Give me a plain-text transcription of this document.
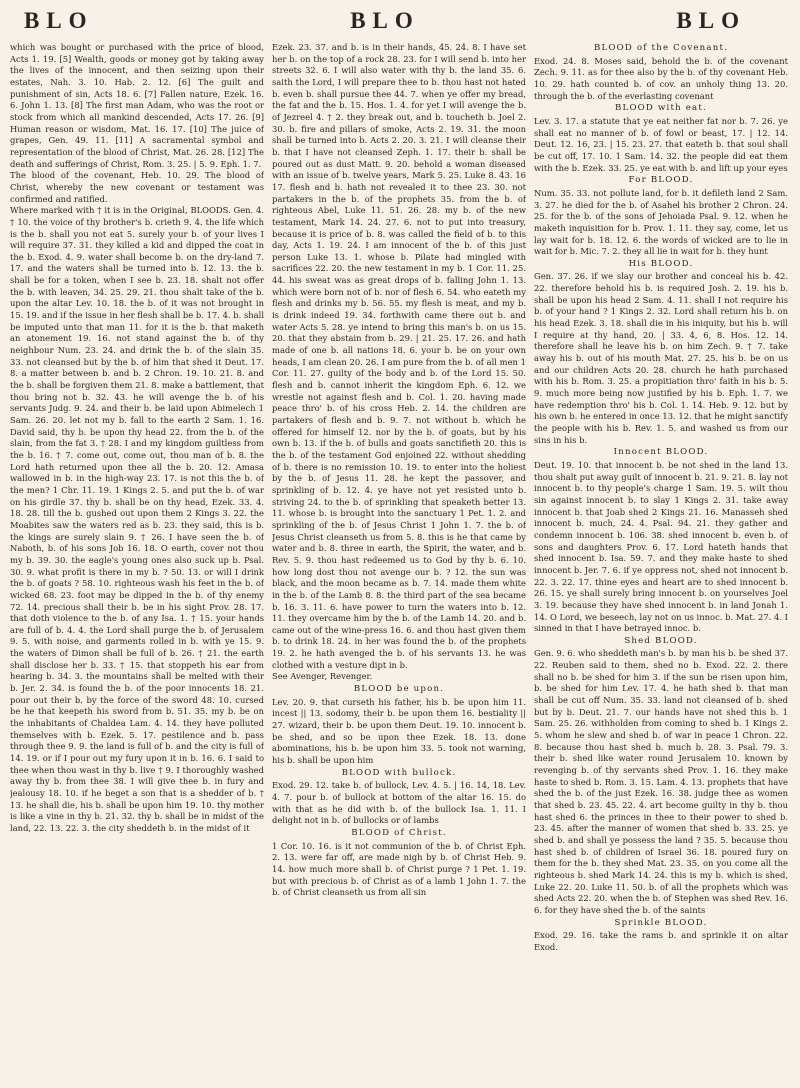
BLO	BLO	BLO

which was bought or purchased with the price of blood, Acts 1. 19. [5] Wealth, goods or money got by taking away the lives of the innocent, and then seizing upon their estates, Nah. 3. 10. Hab. 2. 12. [6] The guilt and punishment of sin, Acts 18. 6. [7] Fallen nature, Ezek. 16. 6. John 1. 13. [8] The first man Adam, who was the root or stock from which all mankind descended, Acts 17. 26. [9] Human reason or wisdom, Mat. 16. 17. [10] The juice of grapes, Gen. 49. 11. [11] A sacramental symbol and representation of the blood of Christ, Mat. 26. 28. [12] The death and sufferings of Christ, Rom. 3. 25. | 5. 9. Eph. 1. 7.

The blood of the covenant, Heb. 10. 29. The blood of Christ, whereby the new covenant or testament was confirmed and ratified.

Where marked with † it is in the Original, BLOODS. Gen. 4. † 10. the voice of thy brother's b. crieth 9. 4. the life which is the b. shall you not eat 5. surely your b. of your lives I will require 37. 31. they killed a kid and dipped the coat in the b. Exod. 4. 9. water shall become b. on the dry-land 7. 17. and the waters shall be turned into b. 12. 13. the b. shall be for a token, when I see b. 23. 18. shalt not offer the b. with leaven, 34. 25. 29. 21. thou shalt take of the b. upon the altar Lev. 10. 18. the b. of it was not brought in 15. 19. and if the issue in her flesh shall be b. 17. 4. b. shall be imputed unto that man 11. for it is the b. that maketh an atonement 19. 16. not stand against the b. of thy neighbour Num. 23. 24. and drink the b. of the slain 35. 33. not cleansed but by the b. of him that shed it Deut. 17. 8. a matter between b. and b. 2 Chron. 19. 10. 21. 8. and the b. shall be forgiven them 21. 8. make a battlement, that thou bring not b. 32. 43. he will avenge the b. of his servants Judg. 9. 24. and their b. be laid upon Abimelech 1 Sam. 26. 20. let not my b. fall to the earth 2 Sam. 1. 16. David said, thy b. be upon thy head 22. from the b. of the slain, from the fat 3. † 28. I and my kingdom guiltless from the b. 16. † 7. come out, come out, thou man of b. 8. the Lord hath returned upon thee all the b. 20. 12. Amasa wallowed in b. in the high-way 23. 17. is not this the b. of the men? 1 Chr. 11. 19. 1 Kings 2. 5. and put the b. of war on his girdle 37. thy b. shall be on thy head, Ezek. 33. 4. 18. 28. till the b. gushed out upon them 2 Kings 3. 22. the Moabites saw the waters red as b. 23. they said, this is b. the kings are surely slain 9. † 26. I have seen the b. of Naboth, b. of his sons Job 16. 18. O earth, cover not thou my b. 39. 30. the eagle's young ones also suck up b. Psal. 30. 9. what profit is there in my b. ? 50. 13. or will I drink the b. of goats ? 58. 10. righteous wash his feet in the b. of wicked 68. 23. foot may be dipped in the b. of thy enemy 72. 14. precious shall their b. be in his sight Prov. 28. 17. that doth violence to the b. of any Isa. 1. † 15. your hands are full of b. 4. 4. the Lord shall purge the b. of Jerusalem 9. 5. with noise, and garments rolled in b. with ye 15. 9. the waters of Dimon shall be full of b. 26. † 21. the earth shall disclose her b. 33. † 15. that stoppeth his ear from hearing b. 34. 3. the mountains shall be melted with their b. Jer. 2. 34. is found the b. of the poor innocents 18. 21. pour out their b. by the force of the sword 48. 10. cursed be he that keepeth his sword from b. 51. 35. my b. be on the inhabitants of Chaldea Lam. 4. 14. they have polluted themselves with b. Ezek. 5. 17. pestilence and b. pass through thee 9. 9. the land is full of b. and the city is full of 14. 19. or if I pour out my fury upon it in b. 16. 6. I said to thee when thou wast in thy b. live † 9. I thoroughly washed away thy b. from thee 38. I will give thee b. in fury and jealousy 18. 10. if he beget a son that is a shedder of b. † 13. he shall die, his b. shall be upon him 19. 10. thy mother is like a vine in thy b. 21. 32. thy b. shall be in midst of the land, 22. 13. 22. 3. the city sheddeth b. in the midst of it

Ezek. 23. 37. and b. is in their hands, 45. 24. 8. I have set her b. on the top of a rock 28. 23. for I will send b. into her streets 32. 6. I will also water with thy b. the land 35. 6. saith the Lord, I will prepare thee to b. thou hast not hated b. even b. shall pursue thee 44. 7. when ye offer my bread, the fat and the b. 15. Hos. 1. 4. for yet I will avenge the b. of Jezreel 4. † 2. they break out, and b. toucheth b. Joel 2. 30. b. fire and pillars of smoke, Acts 2. 19. 31. the moon shall be turned into b. Acts 2. 20. 3. 21. I will cleanse their b. that I have not cleansed Zeph. 1. 17. their b. shall be poured out as dust Matt. 9. 20. behold a woman diseased with an issue of b. twelve years, Mark 5. 25. Luke 8. 43. 16 17. flesh and b. hath not revealed it to thee 23. 30. not partakers in the b. of the prophets 35. from the b. of righteous Abel, Luke 11. 51. 26. 28. my b. of the new testament, Mark 14. 24. 27. 6. not to put into treasury, because it is price of b. 8. was called the field of b. to this day, Acts 1. 19. 24. I am innocent of the b. of this just person Luke 13. 1. whose b. Pilate had mingled with sacrifices 22. 20. the new testament in my b. 1 Cor. 11. 25. 44. his sweat was as great drops of b. falling John 1. 13. which were born not of b. nor of flesh 6. 54. who eateth my flesh and drinks my b. 56. 55. my flesh is meat, and my b. is drink indeed 19. 34. forthwith came there out b. and water Acts 5. 28. ye intend to bring this man's b. on us 15. 20. that they abstain from b. 29. | 21. 25. 17. 26. and hath made of one b. all nations 18. 6. your b. be on your own heads, I am clean 20. 26. I am pure from the b. of all men 1 Cor. 11. 27. guilty of the body and b. of the Lord 15. 50. flesh and b. cannot inherit the kingdom Eph. 6. 12. we wrestle not against flesh and b. Col. 1. 20. having made peace thro' b. of his cross Heb. 2. 14. the children are partakers of flesh and b. 9. 7. not without b. which he offered for himself 12. nor by the b. of goats, but by his own b. 13. if the b. of bulls and goats sanctifieth 20. this is the b. of the testament God enjoined 22. without shedding of b. there is no remission 10. 19. to enter into the holiest by the b. of Jesus 11. 28. he kept the passover, and sprinkling of b. 12. 4. ye have not yet resisted unto b. striving 24. to the b. of sprinkling that speaketh better 13. 11. whose b. is brought into the sanctuary 1 Pet. 1. 2. and sprinkling of the b. of Jesus Christ 1 John 1. 7. the b. of Jesus Christ cleanseth us from 5. 8. this is he that came by water and b. 8. three in earth, the Spirit, the water, and b. Rev. 5. 9. thou hast redeemed us to God by thy b. 6. 10. how long dost thou not avenge our b. ? 12. the sun was black, and the moon became as b. 7. 14. made them white in the b. of the Lamb 8. 8. the third part of the sea became b. 16. 3. 11. 6. have power to turn the waters into b. 12. 11. they overcame him by the b. of the Lamb 14. 20. and b. came out of the wine-press 16. 6. and thou hast given them b. to drink 18. 24. in her was found the b. of the prophets 19. 2. he hath avenged the b. of his servants 13. he was clothed with a vesture dipt in b.

See Avenger, Revenger.

BLOOD be upon.

Lev. 20. 9. that curseth his father, his b. be upon him 11. incest || 13. sodomy, their b. be upon them 16. bestiality || 27. wizard, their b. be upon them Deut. 19. 10. innocent b. be shed, and so be upon thee Ezek. 18. 13. done abominations, his b. be upon him 33. 5. took not warning, his b. shall be upon him

BLOOD with bullock.

Exod. 29. 12. take b. of bullock, Lev. 4. 5. | 16. 14, 18. Lev. 4. 7. pour b. of bullock at bottom of the altar 16. 15. do with that as he did with b. of the bullock Isa. 1. 11. I delight not in b. of bullocks or of lambs

BLOOD of Christ.

1 Cor. 10. 16. is it not communion of the b. of Christ Eph. 2. 13. were far off, are made nigh by b. of Christ Heb. 9. 14. how much more shall b. of Christ purge ? 1 Pet. 1. 19. but with precious b. of Christ as of a lamb 1 John 1. 7. the b. of Christ cleanseth us from all sin

BLOOD of the Covenant.

Exod. 24. 8. Moses said, behold the b. of the covenant Zech. 9. 11. as for thee also by the b. of thy covenant Heb. 10. 29. hath counted b. of cov. an unholy thing 13. 20. through the b. of the everlasting covenant

BLOOD with eat.

Lev. 3. 17. a statute that ye eat neither fat nor b. 7. 26. ye shall eat no manner of b. of fowl or beast, 17. | 12. 14. Deut. 12. 16, 23. | 15. 23. 27. that eateth b. that soul shall be cut off, 17. 10. 1 Sam. 14. 32. the people did eat them with the b. Ezek. 33. 25. ye eat with b. and lift up your eyes

For BLOOD.

Num. 35. 33. not pollute land, for b. it defileth land 2 Sam. 3. 27. he died for the b. of Asahel his brother 2 Chron. 24. 25. for the b. of the sons of Jehoiada Psal. 9. 12. when he maketh inquisition for b. Prov. 1. 11. they say, come, let us lay wait for b. 18. 12. 6. the words of wicked are to lie in wait for b. Mic. 7. 2. they all lie in wait for b. they hunt

His BLOOD.

Gen. 37. 26. if we slay our brother and conceal his b. 42. 22. therefore behold his b. is required Josh. 2. 19. his b. shall be upon his head 2 Sam. 4. 11. shall I not require his b. of your hand ? 1 Kings 2. 32. Lord shall return his b. on his head Ezek. 3. 18. shall die in his iniquity, but his b. will I require at thy hand, 20. | 33. 4, 6, 8. Hos. 12. 14. therefore shall he leave his b. on him Zech. 9. † 7. take away his b. out of his mouth Mat. 27. 25. his b. be on us and our children Acts 20. 28. church he hath purchased with his b. Rom. 3. 25. a propitiation thro' faith in his b. 5. 9. much more being now justified by his b. Eph. 1. 7. we have redemption thro' his b. Col. 1. 14. Heb. 9. 12. but by his own b. he entered in once 13. 12. that he might sanctify the people with his b. Rev. 1. 5. and washed us from our sins in his b.

Innocent BLOOD.

Deut. 19. 10. that innocent b. be not shed in the land 13. thou shalt put away guilt of innocent b. 21. 9. 21. 8. lay not innocent b. to thy people's charge 1 Sam. 19. 5. wilt thou sin against innocent b. to slay 1 Kings 2. 31. take away innocent b. that Joab shed 2 Kings 21. 16. Manasseh shed innocent b. much, 24. 4. Psal. 94. 21. they gather and condemn innocent b. 106. 38. shed innocent b. even b. of sons and daughters Prov. 6. 17. Lord hateth hands that shed innocent b. Isa. 59. 7. and they make haste to shed innocent b. Jer. 7. 6. if ye oppress not, shed not innocent b. 22. 3. 22. 17. thine eyes and heart are to shed innocent b. 26. 15. ye shall surely bring innocent b. on yourselves Joel 3. 19. because they have shed innocent b. in land Jonah 1. 14. O Lord, we beseech, lay not on us innoc. b. Mat. 27. 4. I sinned in that I have betrayed innoc. b.

Shed BLOOD.

Gen. 9. 6. who sheddeth man's b. by man his b. be shed 37. 22. Reuben said to them, shed no b. Exod. 22. 2. there shall no b. be shed for him 3. if the sun be risen upon him, b. be shed for him Lev. 17. 4. he hath shed b. that man shall be cut off Num. 35. 33. land not cleansed of b. shed but by b. Deut. 21. 7. our hands have not shed this b. 1 Sam. 25. 26. withholden from coming to shed b. 1 Kings 2. 5. whom he slew and shed b. of war in peace 1 Chron. 22. 8. because thou hast shed b. much b. 28. 3. Psal. 79. 3. their b. shed like water round Jerusalem 10. known by revenging b. of thy servants shed Prov. 1. 16. they make haste to shed b. Rom. 3. 15. Lam. 4. 13. prophets that have shed the b. of the just Ezek. 16. 38. judge thee as women that shed b. 23. 45. 22. 4. art become guilty in thy b. thou hast shed 6. the princes in thee to their power to shed b. 23. 45. after the manner of women that shed b. 33. 25. ye shed b. and shall ye possess the land ? 35. 5. because thou hast shed b. of children of Israel 36. 18. poured fury on them for the b. they shed Mat. 23. 35. on you come all the righteous b. shed Mark 14. 24. this is my b. which is shed, Luke 22. 20. Luke 11. 50. b. of all the prophets which was shed Acts 22. 20. when the b. of Stephen was shed Rev. 16. 6. for they have shed the b. of the saints

Sprinkle BLOOD.

Exod. 29. 16. take the rams b. and sprinkle it on altar Exod.
